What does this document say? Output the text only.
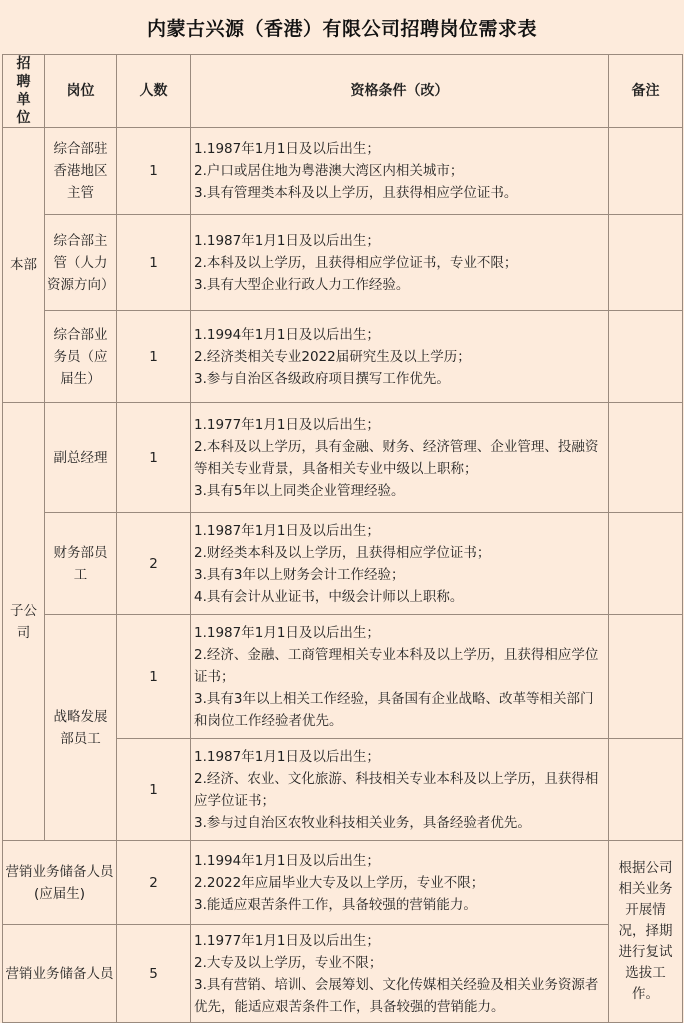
内蒙古兴源（香港）有限公司招聘岗位需求表
招聘单位	岗位	人数	资格条件（改）	备注
本部	综合部驻香港地区主管	1	1.1987年1月1日及以后出生；
2.户口或居住地为粤港澳大湾区内相关城市；
3.具有管理类本科及以上学历，且获得相应学位证书。	

	综合部主管（人力资源方向）	1	1.1987年1月1日及以后出生；
2.本科及以上学历，且获得相应学位证书，专业不限；
3.具有大型企业行政人力工作经验。	

	综合部业务员（应届生）	1	1.1994年1月1日及以后出生；
2.经济类相关专业2022届研究生及以上学历；
3.参与自治区各级政府项目撰写工作优先。	

子公司	副总经理	1	1.1977年1月1日及以后出生；
2.本科及以上学历，具有金融、财务、经济管理、企业管理、投融资等相关专业背景，具备相关专业中级以上职称；
3.具有5年以上同类企业管理经验。	

	财务部员工	2	1.1987年1月1日及以后出生；
2.财经类本科及以上学历，且获得相应学位证书；
3.具有3年以上财务会计工作经验；
4.具有会计从业证书，中级会计师以上职称。	

	战略发展部员工	1	1.1987年1月1日及以后出生；
2.经济、金融、工商管理相关专业本科及以上学历，且获得相应学位证书；
3.具有3年以上相关工作经验，具备国有企业战略、改革等相关部门和岗位工作经验者优先。	

		1	1.1987年1月1日及以后出生；
2.经济、农业、文化旅游、科技相关专业本科及以上学历，且获得相应学位证书；
3.参与过自治区农牧业科技相关业务，具备经验者优先。	

营销业务储备人员(应届生)		2	1.1994年1月1日及以后出生；
2.2022年应届毕业大专及以上学历，专业不限；
3.能适应艰苦条件工作，具备较强的营销能力。	根据公司相关业务开展情况，择期进行复试选拔工作。
营销业务储备人员		5	1.1977年1月1日及以后出生；
2.大专及以上学历，专业不限；
3.具有营销、培训、会展筹划、文化传媒相关经验及相关业务资源者优先，能适应艰苦条件工作，具备较强的营销能力。	
